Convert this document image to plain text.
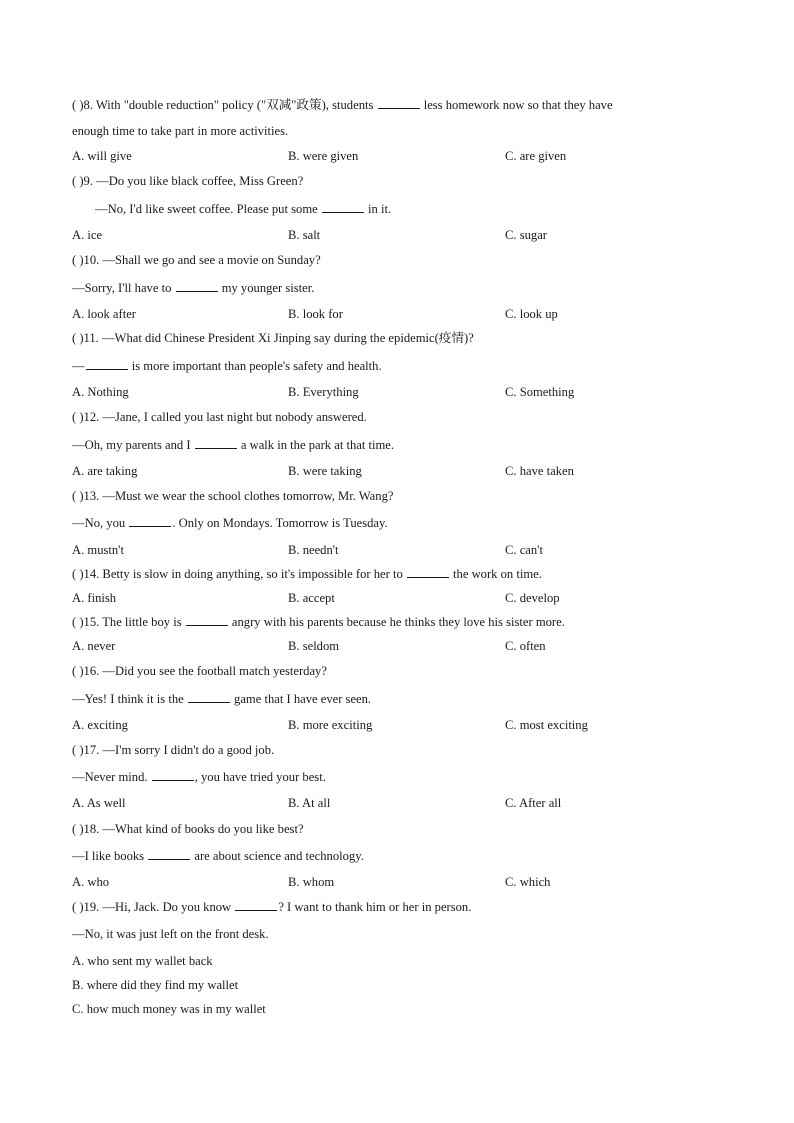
( )8. With "double reduction" policy ("双减"政策), students	less homework now so that they have
enough time to take part in more activities.
A. will give	B. were given	C. are given
( )9. —Do you like black coffee, Miss Green?
—No, I'd like sweet coffee. Please put some	in it.
A. ice	B. salt	C. sugar
( )10. —Shall we go and see a movie on Sunday?
—Sorry, I'll have to	my younger sister.
A. look after	B. look for	C. look up
( )11. —What did Chinese President Xi Jinping say during the epidemic(疫情)?
—	is more important than people's safety and health.
A. Nothing	B. Everything	C. Something
( )12. —Jane, I called you last night but nobody answered.
—Oh, my parents and I	a walk in the park at that time.
A. are taking	B. were taking	C. have taken
( )13. —Must we wear the school clothes tomorrow, Mr. Wang?
—No, you	. Only on Mondays. Tomorrow is Tuesday.
A. mustn't	B. needn't	C. can't
( )14. Betty is slow in doing anything, so it's impossible for her to	the work on time.
A. finish	B. accept	C. develop
( )15. The little boy is	angry with his parents because he thinks they love his sister more.
A. never	B. seldom	C. often
( )16. —Did you see the football match yesterday?
—Yes! I think it is the	game that I have ever seen.
A. exciting	B. more exciting	C. most exciting
( )17. —I'm sorry I didn't do a good job.
—Never mind.	, you have tried your best.
A. As well	B. At all	C. After all
( )18. —What kind of books do you like best?
—I like books	are about science and technology.
A. who	B. whom	C. which
( )19. —Hi, Jack. Do you know	? I want to thank him or her in person.
—No, it was just left on the front desk.
A. who sent my wallet back
B. where did they find my wallet
C. how much money was in my wallet
